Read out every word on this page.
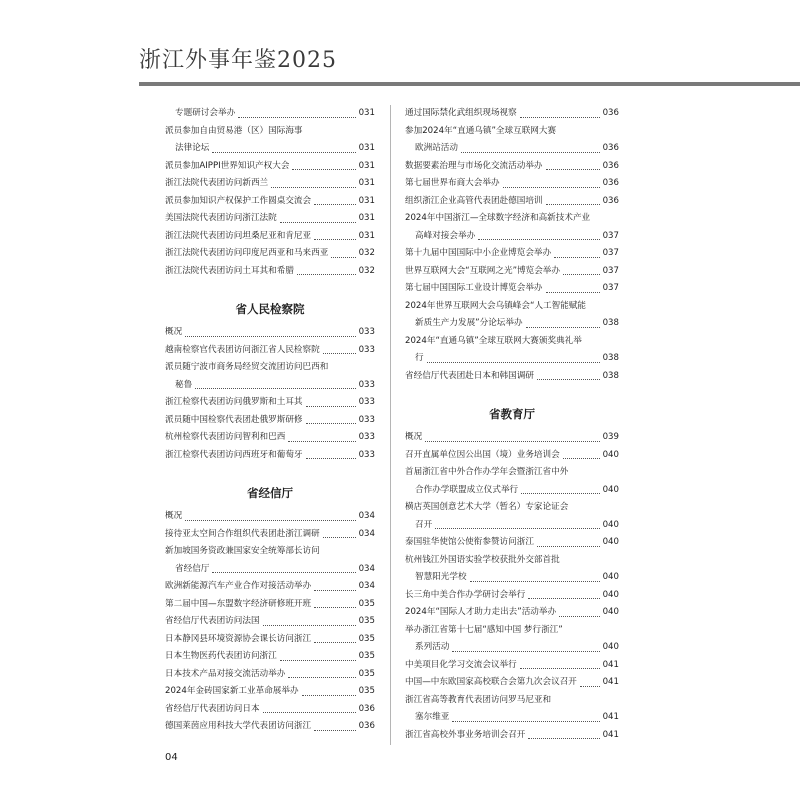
浙江外事年鉴2025
专题研讨会举办	031
派员参加自由贸易港（区）国际海事
法律论坛	031
派员参加AIPPI世界知识产权大会	031
浙江法院代表团访问新西兰	031
派员参加知识产权保护工作圆桌交流会	031
美国法院代表团访问浙江法院	031
浙江法院代表团访问坦桑尼亚和肯尼亚	031
浙江法院代表团访问印度尼西亚和马来西亚	032
浙江法院代表团访问土耳其和希腊	032
省人民检察院
概况	033
越南检察官代表团访问浙江省人民检察院	033
派员随宁波市商务局经贸交流团访问巴西和
秘鲁	033
浙江检察代表团访问俄罗斯和土耳其	033
派员随中国检察代表团赴俄罗斯研修	033
杭州检察代表团访问智利和巴西	033
浙江检察代表团访问西班牙和葡萄牙	033
省经信厅
概况	034
接待亚太空间合作组织代表团赴浙江调研	034
新加坡国务资政兼国家安全统筹部长访问
省经信厅	034
欧洲新能源汽车产业合作对接活动举办	034
第二届中国—东盟数字经济研修班开班	035
省经信厅代表团访问法国	035
日本静冈县环境资源协会课长访问浙江	035
日本生物医药代表团访问浙江	035
日本技术产品对接交流活动举办	035
2024年金砖国家新工业革命展举办	035
省经信厅代表团访问日本	036
德国莱茵应用科技大学代表团访问浙江	036
通过国际禁化武组织现场视察	036
参加2024年“直通乌镇”全球互联网大赛
欧洲站活动	036
数据要素治理与市场化交流活动举办	036
第七届世界布商大会举办	036
组织浙江企业高管代表团赴德国培训	036
2024年中国浙江—全球数字经济和高新技术产业
高峰对接会举办	037
第十九届中国国际中小企业博览会举办	037
世界互联网大会“互联网之光”博览会举办	037
第七届中国国际工业设计博览会举办	037
2024年世界互联网大会乌镇峰会“人工智能赋能
新质生产力发展”分论坛举办	038
2024年“直通乌镇”全球互联网大赛颁奖典礼举
行	038
省经信厅代表团赴日本和韩国调研	038
省教育厅
概况	039
召开直属单位因公出国（境）业务培训会	040
首届浙江省中外合作办学年会暨浙江省中外
合作办学联盟成立仪式举行	040
横店英国创意艺术大学（暂名）专家论证会
召开	040
泰国驻华使馆公使衔参赞访问浙江	040
杭州钱江外国语实验学校获批外交部首批
智慧阳光学校	040
长三角中美合作办学研讨会举行	040
2024年“国际人才助力走出去”活动举办	040
举办浙江省第十七届“感知中国 梦行浙江”
系列活动	040
中美项目化学习交流会议举行	041
中国—中东欧国家高校联合会第九次会议召开	041
浙江省高等教育代表团访问罗马尼亚和
塞尔维亚	041
浙江省高校外事业务培训会召开	041
04
